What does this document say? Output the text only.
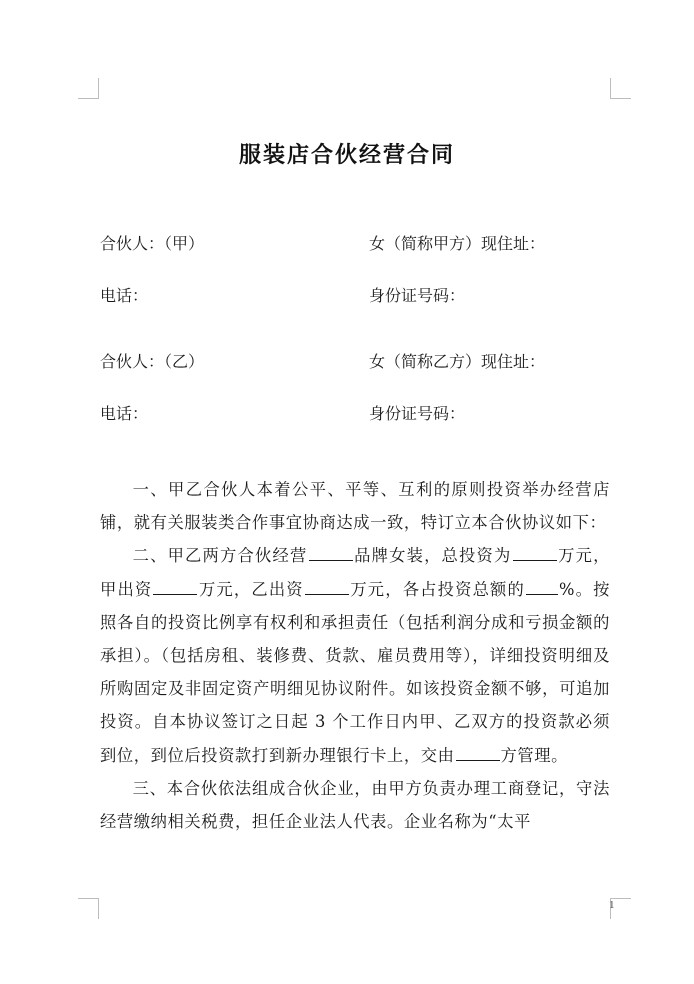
服装店合伙经营合同
合伙人：（甲）	女（简称甲方）现住址：
电话：	身份证号码：
合伙人：（乙）	女（简称乙方）现住址：
电话：	身份证号码：

一、甲乙合伙人本着公平、平等、互利的原则投资举办经营店铺，就有关服装类合作事宜协商达成一致，特订立本合伙协议如下：

二、甲乙两方合伙经营	品牌女装，总投资为	万元，甲出资	万元，乙出资	万元，各占投资总额的 %。按照各自的投资比例享有权利和承担责任（包括利润分成和亏损金额的承担）。（包括房租、装修费、货款、雇员费用等），详细投资明细及所购固定及非固定资产明细见协议附件。如该投资金额不够，可追加投资。自本协议签订之日起 3 个工作日内甲、乙双方的投资款必须到位，到位后投资款打到新办理银行卡上，交由	方管理。

三、本合伙依法组成合伙企业，由甲方负责办理工商登记，守法经营缴纳相关税费，担任企业法人代表。企业名称为“太平

1
